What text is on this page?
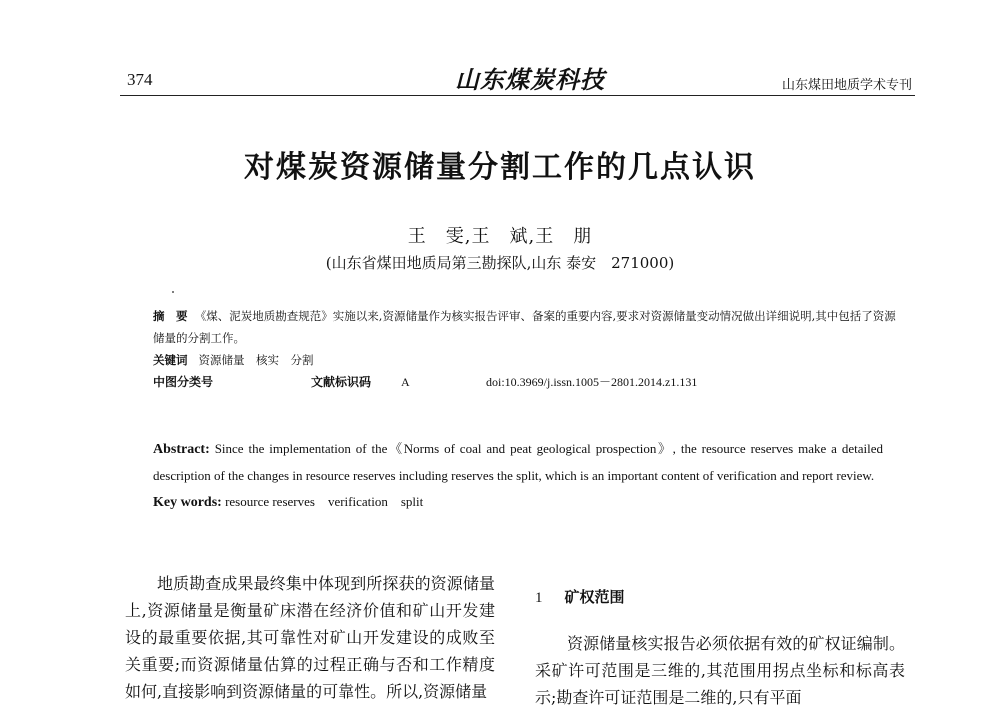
374	山东煤炭科技	山东煤田地质学术专刊
对煤炭资源储量分割工作的几点认识
王　雯,王　斌,王　朋
(山东省煤田地质局第三勘探队,山东 泰安　271000)
摘　要 《煤、泥炭地质勘查规范》实施以来,资源储量作为核实报告评审、备案的重要内容,要求对资源储量变动情况做出详细说明,其中包括了资源储量的分割工作。
关键词 资源储量　核实　分割
中图分类号	文献标识码	A	doi:10.3969/j.issn.1005－2801.2014.z1.131
Abstract: Since the implementation of the《Norms of coal and peat geological prospection》, the resource reserves make a detailed description of the changes in resource reserves including reserves the split, which is an important content of verification and report review.
Key words: resource reserves　verification　split
地质勘查成果最终集中体现到所探获的资源储量上,资源储量是衡量矿床潜在经济价值和矿山开发建设的最重要依据,其可靠性对矿山开发建设的成败至关重要;而资源储量估算的过程正确与否和工作精度如何,直接影响到资源储量的可靠性。所以,资源储量
1 矿权范围
资源储量核实报告必须依据有效的矿权证编制。采矿许可范围是三维的,其范围用拐点坐标和标高表示;勘查许可证范围是二维的,只有平面
